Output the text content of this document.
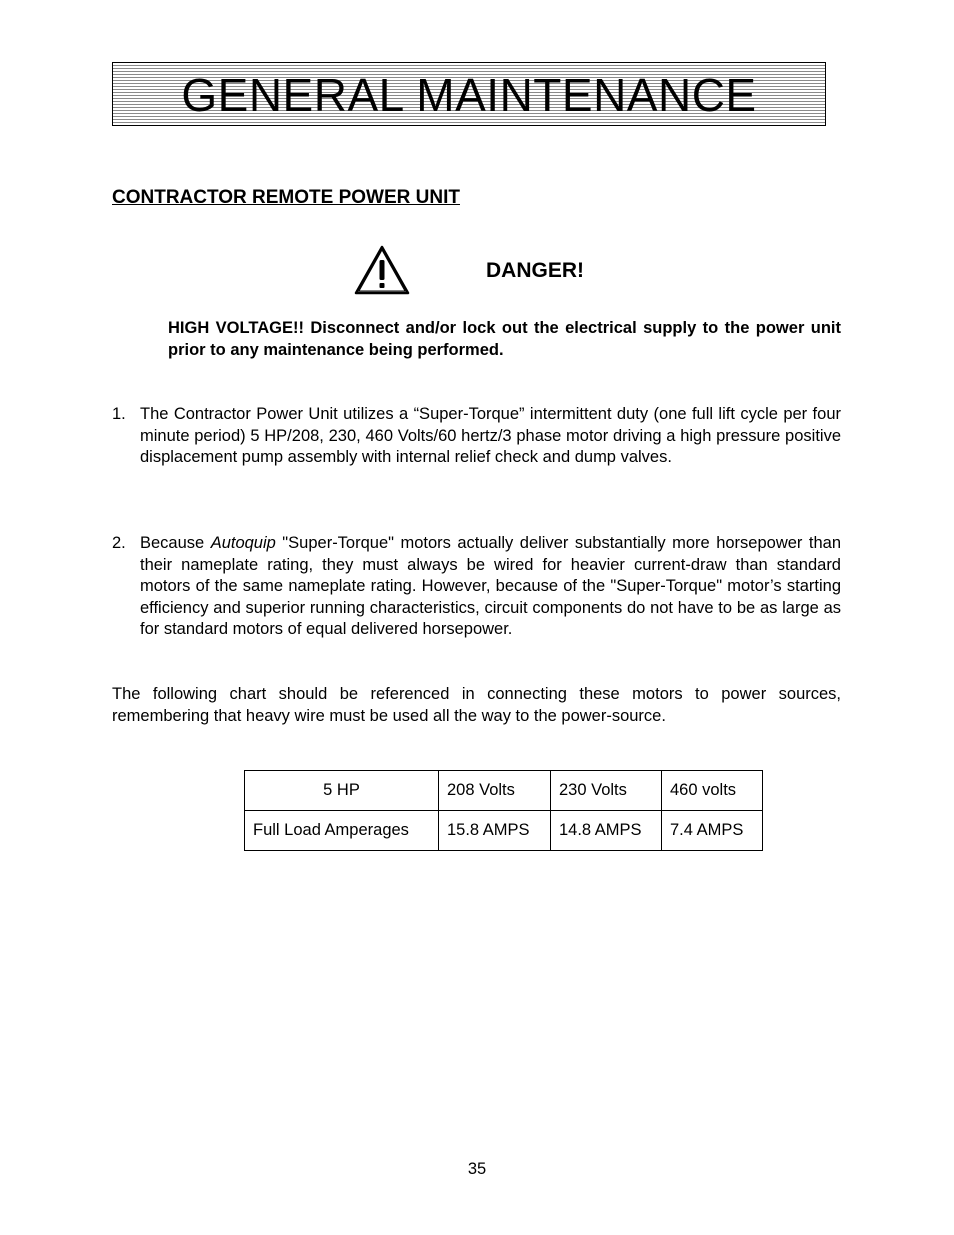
GENERAL MAINTENANCE
CONTRACTOR REMOTE POWER UNIT
DANGER!

HIGH VOLTAGE!! Disconnect and/or lock out the electrical supply to the power unit prior to any maintenance being performed.

1. The Contractor Power Unit utilizes a “Super-Torque” intermittent duty (one full lift cycle per four minute period) 5 HP/208, 230, 460 Volts/60 hertz/3 phase motor driving a high pressure positive displacement pump assembly with internal relief check and dump valves.
2. Because Autoquip "Super-Torque" motors actually deliver substantially more horsepower than their nameplate rating, they must always be wired for heavier current-draw than standard motors of the same nameplate rating. However, because of the "Super-Torque" motor’s starting efficiency and superior running characteristics, circuit components do not have to be as large as for standard motors of equal delivered horsepower.

The following chart should be referenced in connecting these motors to power sources, remembering that heavy wire must be used all the way to the power-source.

5 HP	208 Volts	230 Volts	460 volts
Full Load Amperages	15.8 AMPS	14.8 AMPS	7.4 AMPS
35
